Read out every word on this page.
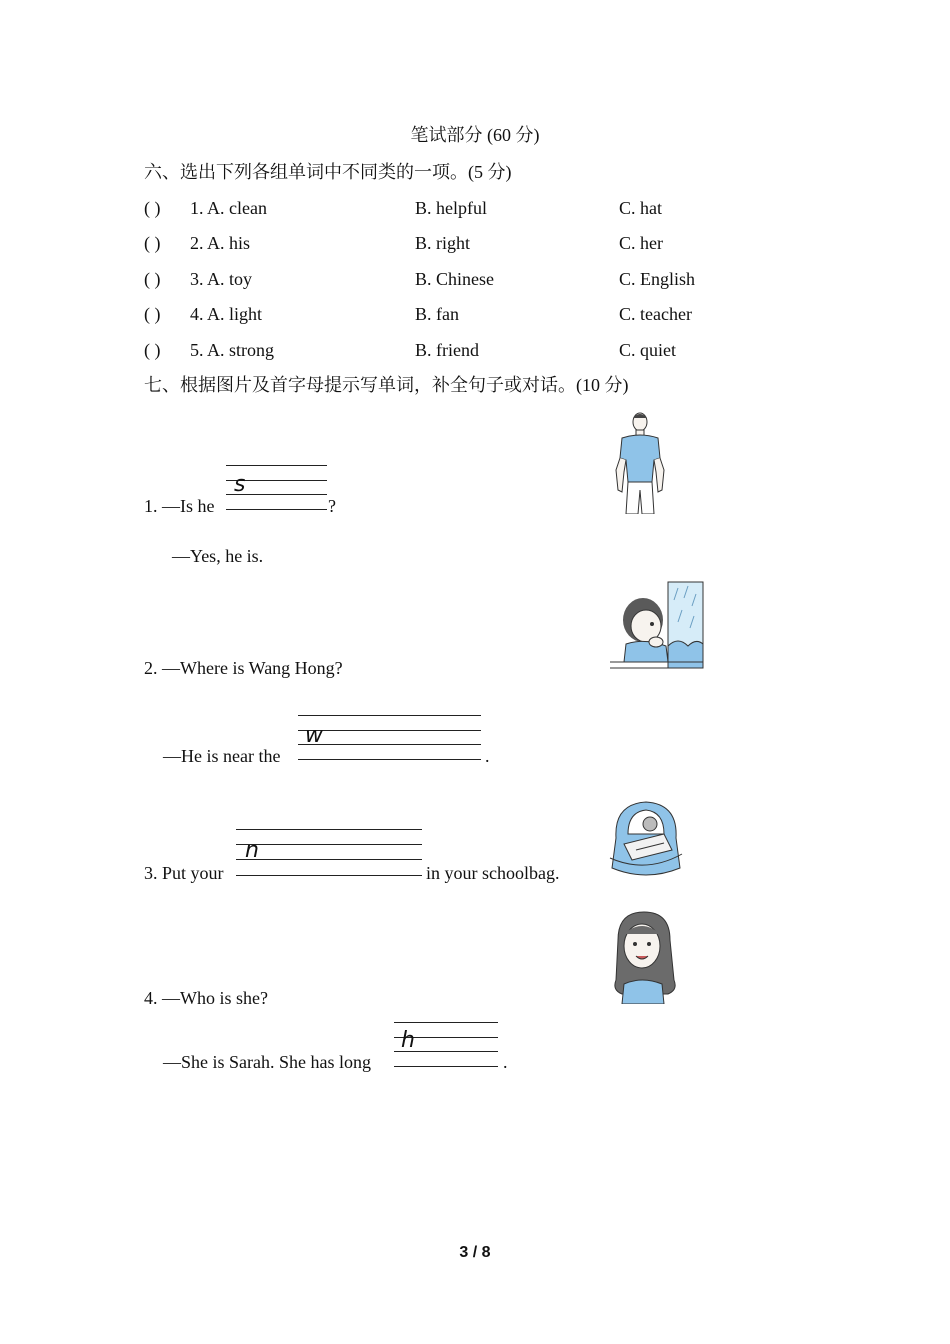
笔试部分 (60 分)
六、选出下列各组单词中不同类的一项。(5 分)
( ) 1. A. clean	B. helpful	C. hat
( ) 2. A. his	B. right	C. her
( ) 3. A. toy	B. Chinese	C. English
( ) 4. A. light	B. fan	C. teacher
( ) 5. A. strong	B. friend	C. quiet
七、根据图片及首字母提示写单词，补全句子或对话。(10 分)
1. —Is he
s
?
—Yes, he is.
2. —Where is Wang Hong?
—He is near the
w
.
3. Put your
n
in your schoolbag.
4. —Who is she?
—She is Sarah. She has long
h
.
3 / 8
